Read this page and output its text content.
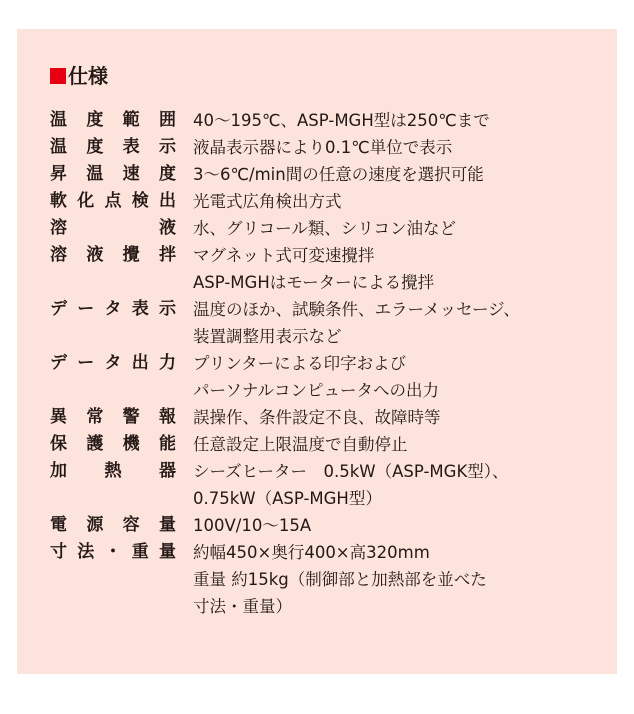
仕様
温 度 範 囲 40～195℃、ASP-MGH型は250℃まで
温 度 表 示 液晶表示器により0.1℃単位で表示
昇 温 速 度 3～6℃/min間の任意の速度を選択可能
軟 化 点 検 出 光電式広角検出方式
溶	液 水、グリコール類、シリコン油など
溶 液 攪 拌 マグネット式可変速攪拌
ASP-MGHはモーターによる攪拌
デ ー タ 表 示 温度のほか、試験条件、エラーメッセージ、
装置調整用表示など
デ ー タ 出 力 プリンターによる印字および
パーソナルコンピュータへの出力
異 常 警 報 誤操作、条件設定不良、故障時等
保 護 機 能 任意設定上限温度で自動停止
加 熱 器 シーズヒーター　0.5kW（ASP-MGK型）、
0.75kW（ASP-MGH型）
電 源 容 量 100V/10～15A
寸 法 ・ 重 量 約幅450×奥行400×高320mm
重量 約15kg（制御部と加熱部を並べた
寸法・重量）
